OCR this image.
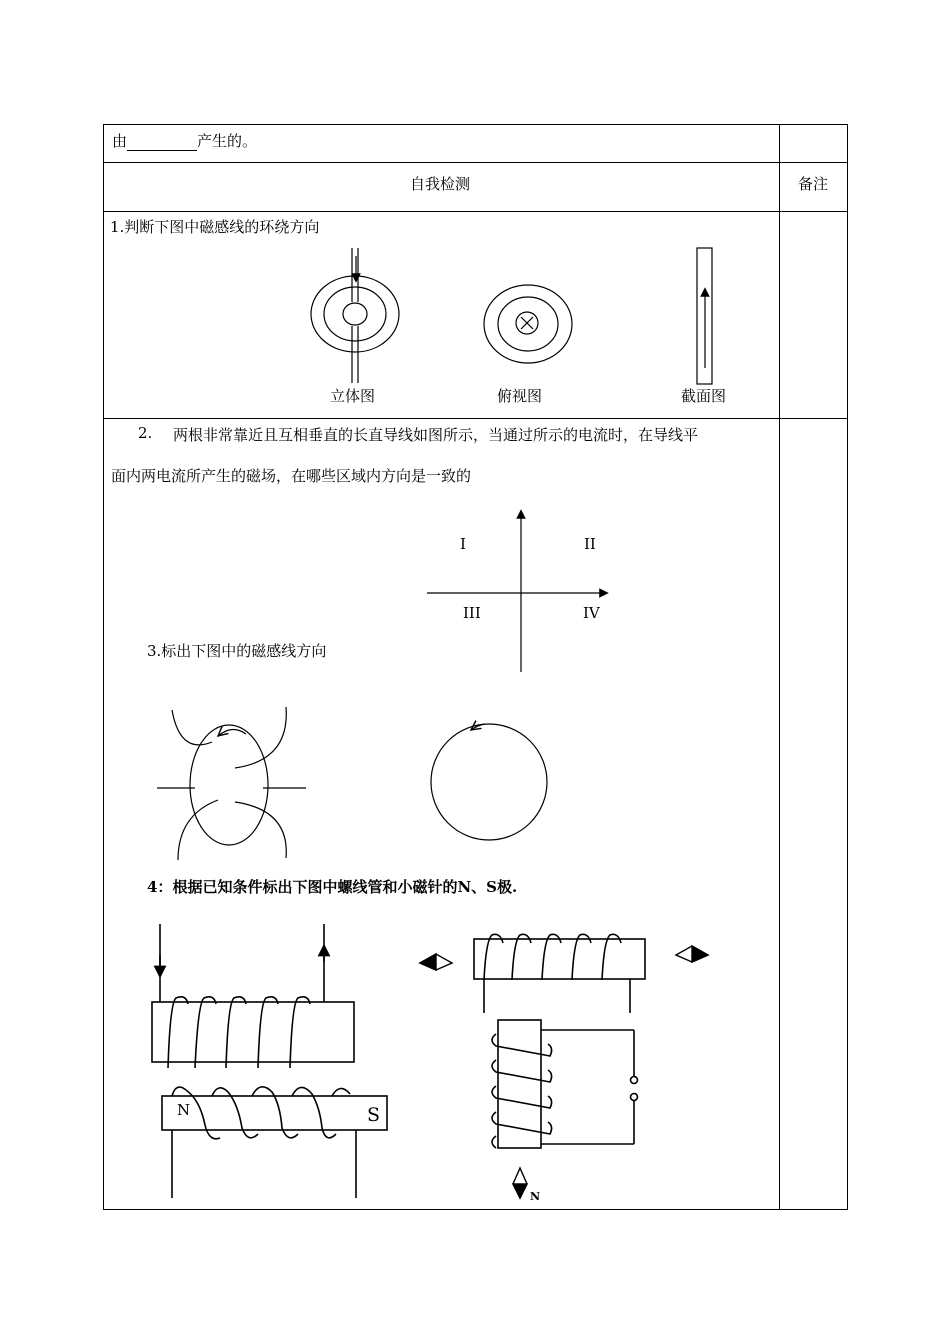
由	产生的。
自我检测	备注
1.判断下图中磁感线的环绕方向
立体图	俯视图	截面图
2. 两根非常靠近且互相垂直的长直导线如图所示，当通过所示的电流时，在导线平
面内两电流所产生的磁场，在哪些区域内方向是一致的
I	II
III	IV
3.标出下图中的磁感线方向
4：根据已知条件标出下图中螺线管和小磁针的N、S极.
N	S
N
